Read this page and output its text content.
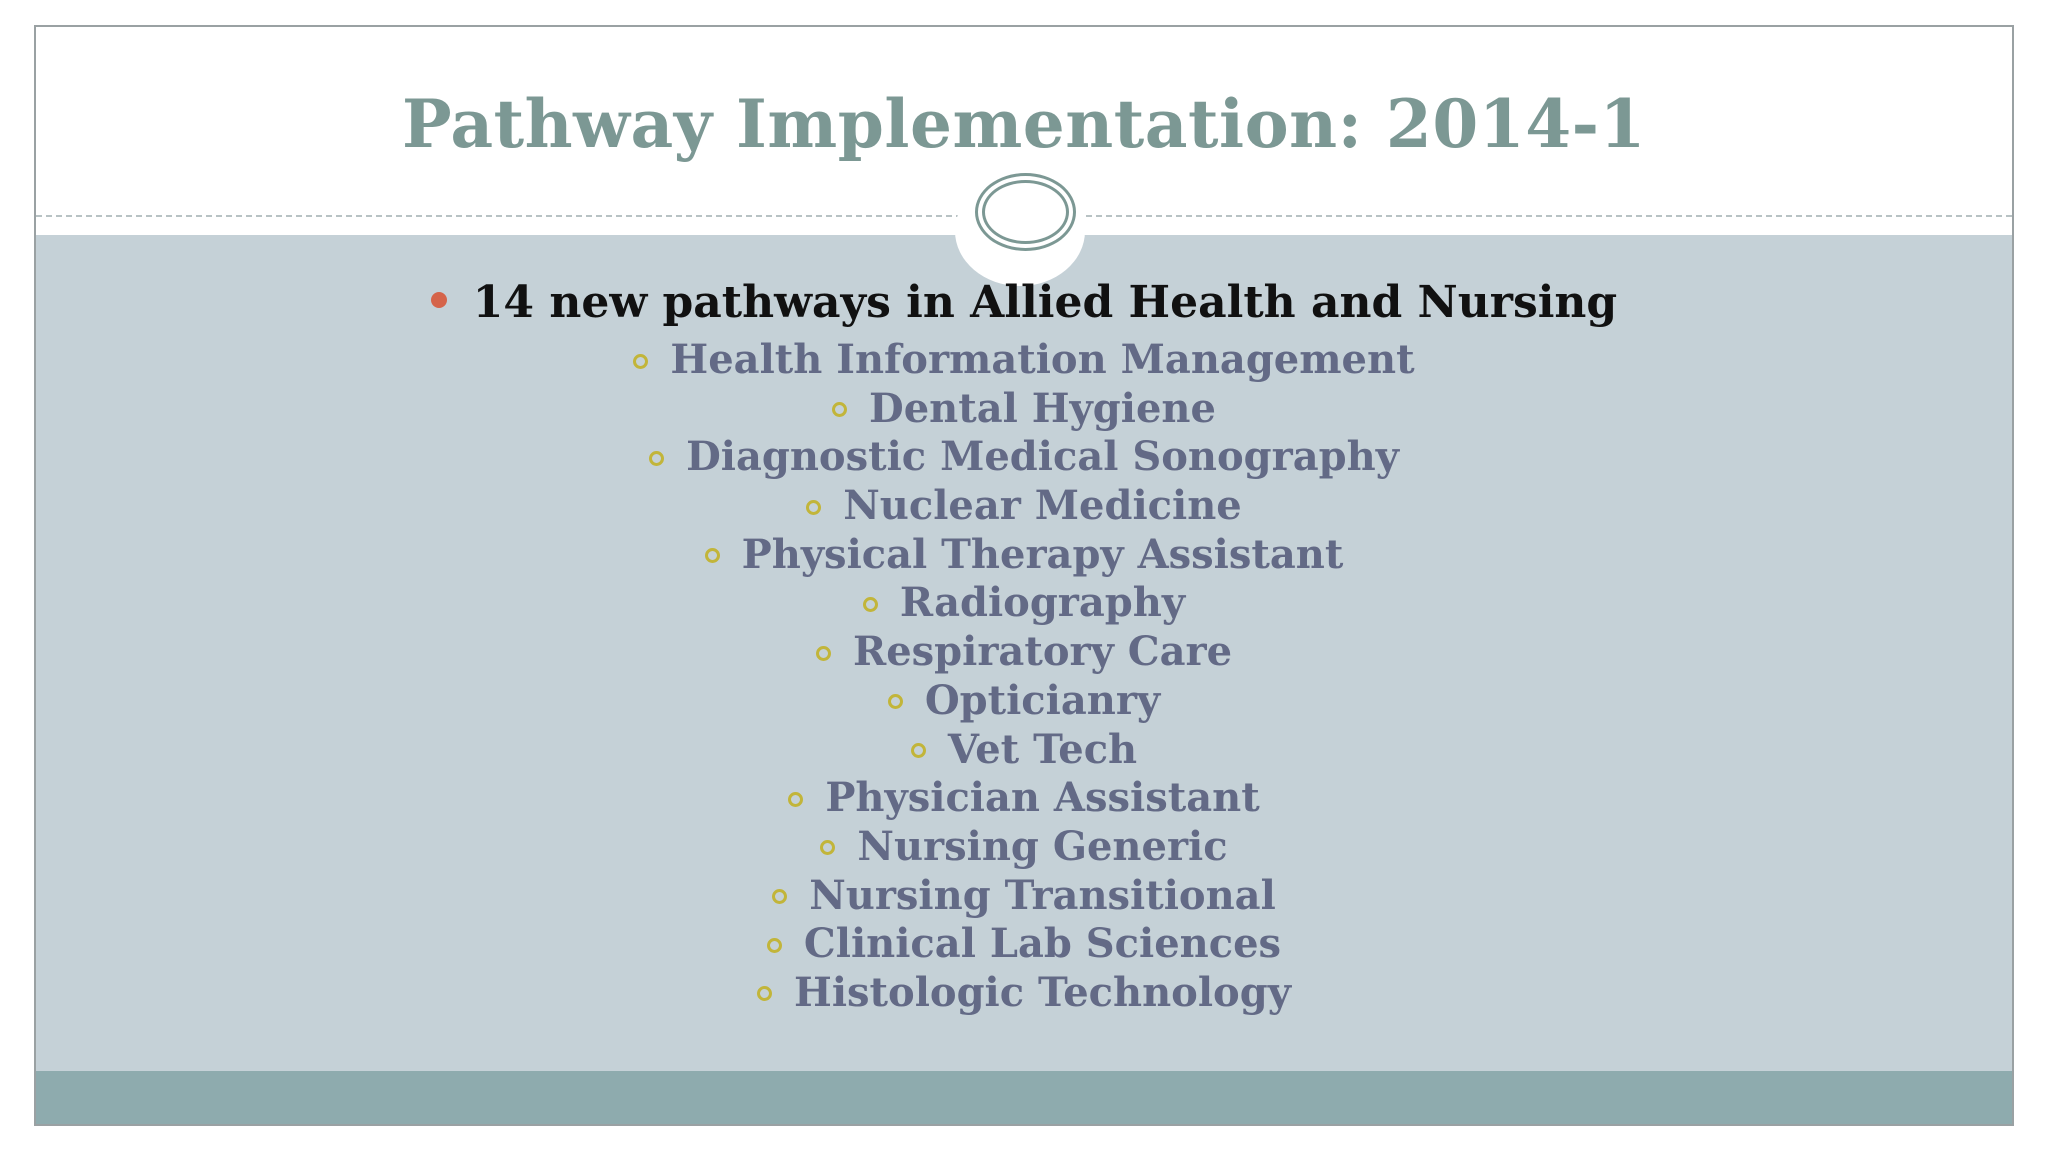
Pathway Implementation: 2014-1
14 new pathways in Allied Health and Nursing
Health Information Management
Dental Hygiene
Diagnostic Medical Sonography
Nuclear Medicine
Physical Therapy Assistant
Radiography
Respiratory Care
Opticianry
Vet Tech
Physician Assistant
Nursing Generic
Nursing Transitional
Clinical Lab Sciences
Histologic Technology
